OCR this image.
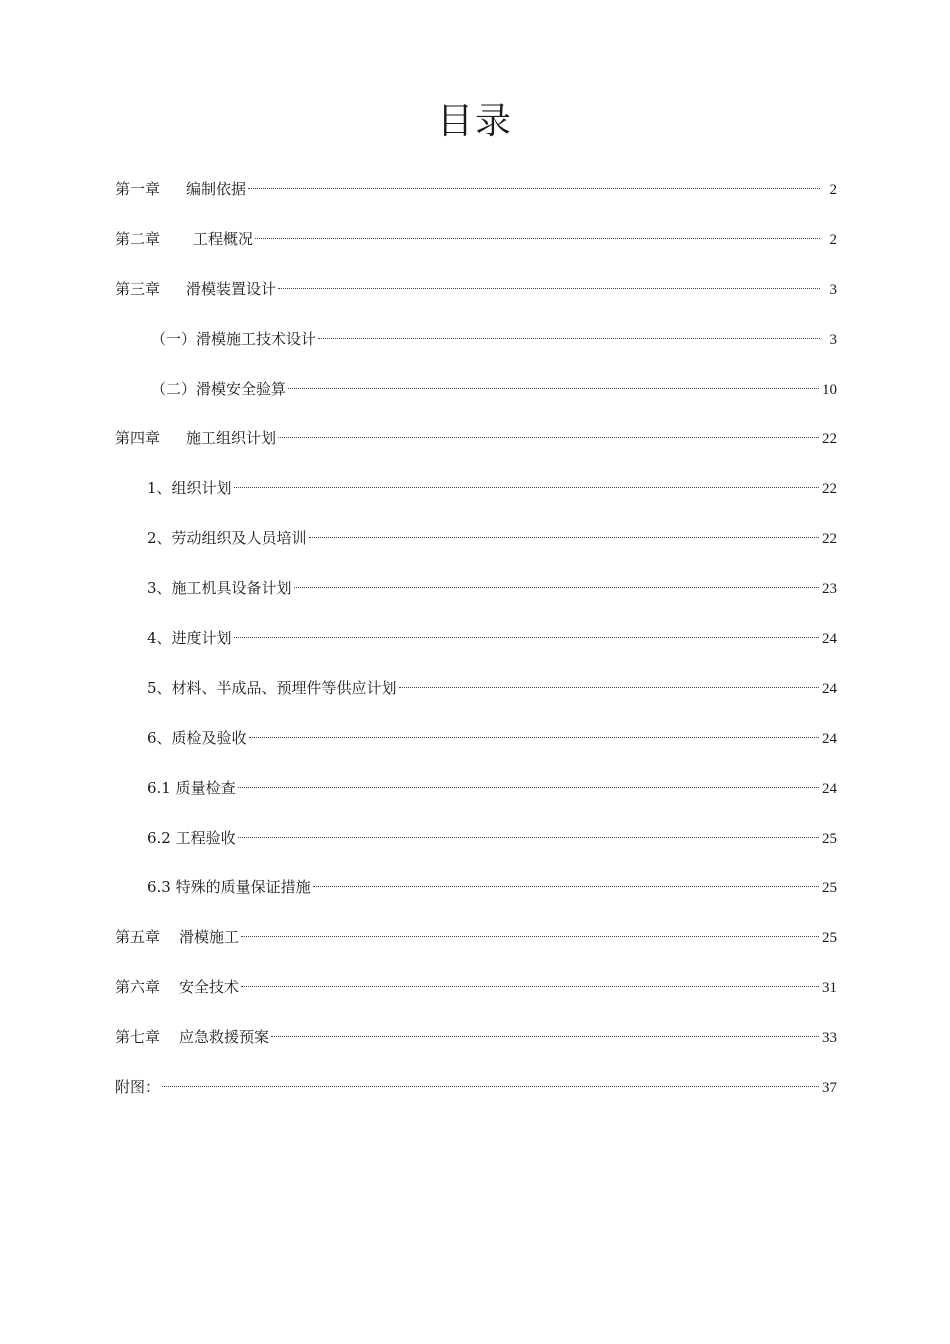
目录
第一章 编制依据	2
第二章 工程概况	2
第三章 滑模装置设计	3
（一）滑模施工技术设计	3
（二）滑模安全验算	10
第四章 施工组织计划	22
1、组织计划	22
2、劳动组织及人员培训	22
3、施工机具设备计划	23
4、进度计划	24
5、材料、半成品、预埋件等供应计划	24
6、质检及验收	24
6.1 质量检查	24
6.2 工程验收	25
6.3 特殊的质量保证措施	25
第五章 滑模施工	25
第六章 安全技术	31
第七章 应急救援预案	33
附图：	37
